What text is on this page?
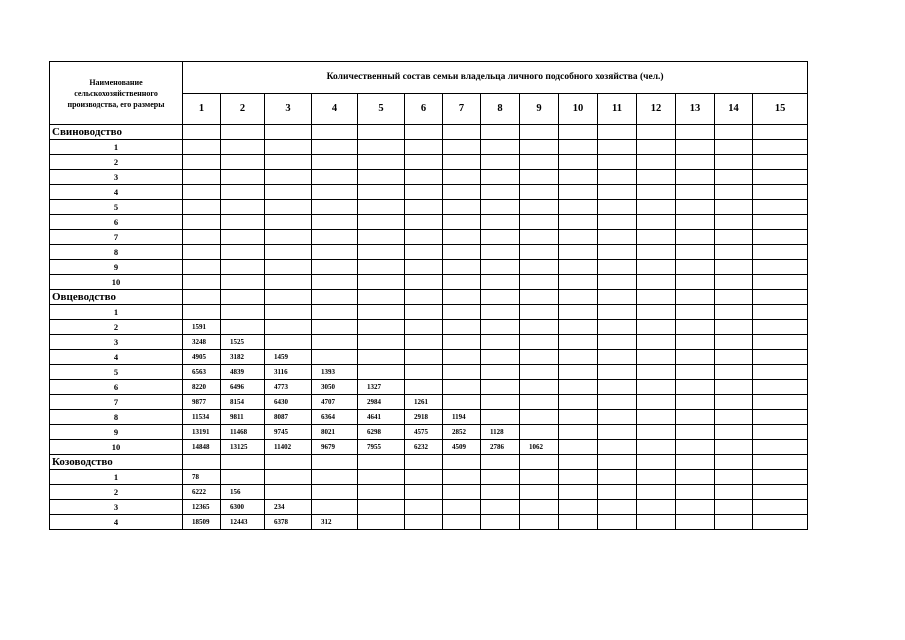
Наименование сельскохозяйственного производства, его размеры	Количественный состав семьи владельца личного подсобного хозяйства (чел.)														
	1	2	3	4	5	6	7	8	9	10	11	12	13	14	15
Свиноводство															
1															
2															
3															
4															
5															
6															
7															
8															
9															
10															
Овцеводство															
1															
2	1591														
3	3248	1525													
4	4905	3182	1459												
5	6563	4839	3116	1393											
6	8220	6496	4773	3050	1327										
7	9877	8154	6430	4707	2984	1261									
8	11534	9811	8087	6364	4641	2918	1194								
9	13191	11468	9745	8021	6298	4575	2852	1128							
10	14848	13125	11402	9679	7955	6232	4509	2786	1062						
Козоводство															
1	78														
2	6222	156													
3	12365	6300	234												
4	18509	12443	6378	312											
